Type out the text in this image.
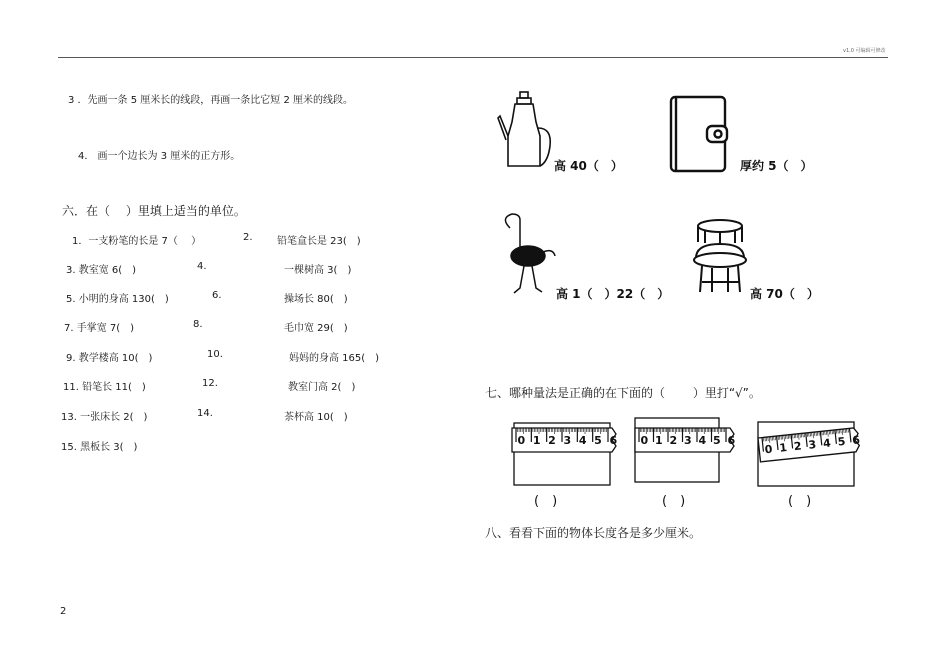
v1.0 可编辑可修改
3 ．先画一条 5 厘米长的线段，再画一条比它短 2 厘米的线段。
4． 画一个边长为 3 厘米的正方形。
六．在（　 ）里填上适当的单位。
1．一支粉笔的长是 7（　 ）	2. 铅笔盒长是 23(　)
3. 教室宽 6(　)	4.	一棵树高 3(　)
5. 小明的身高 130(　)	6.	操场长 80(　)
7. 手掌宽 7(　)	8.	毛巾宽 29(　)
9. 教学楼高 10(　)	10.	妈妈的身高 165(　)
11. 铅笔长 11(　)	12.	教室门高 2(　)
13. 一张床长 2(　)	14.	茶杯高 10(　)
15. 黑板长 3(　)
2
高 40（　）	厚约 5（　）
高 1（　）22（　）	高 70（　）
七、哪种量法是正确的在下面的（　　 ）里打“√”。
0 1 2 3 4 5 6 0 1 2 3 4 5 6
0 1 2 3 4 5 6
(　)	(　)	(　)
八、看看下面的物体长度各是多少厘米。
